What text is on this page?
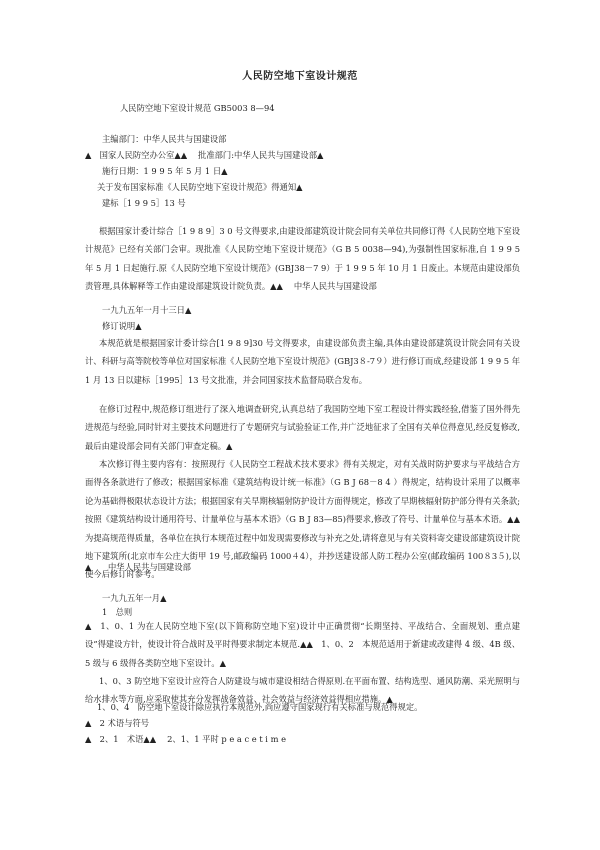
人民防空地下室设计规范
人民防空地下室设计规范 GB5003 8—94
主编部门：中华人民共与国建设部
▲　国家人民防空办公室▲▲　 批准部门:中华人民共与国建设部▲
施行日期：1 9 9 5 年 5 月 1 日▲
关于发布国家标准《人民防空地下室设计规范》得通知▲
建标［1 9 9 5］13 号
根据国家计委计综合［1 9 8 9］3 0 号文得要求,由建设部建筑设计院会同有关单位共同修订得《人民防空地下室设计规范》已经有关部门会审。现批准《人民防空地下室设计规范》（G B 5 0038—94),为强制性国家标准,自 1 9 9 5 年 5 月 1 日起施行.原《人民防空地下室设计规范》(GBJ38－7 9）于 1 9 9 5 年 10 月 1 日废止。本规范由建设部负责管理,具体解释等工作由建设部建筑设计院负责。▲▲　 中华人民共与国建设部
一九九五年一月十三日▲
修订说明▲
本规范就是根据国家计委计综合[1 9 8 9]30 号文得要求，由建设部负责主编,具体由建设部建筑设计院会同有关设计、科研与高等院校等单位对国家标准《人民防空地下室设计规范》(GBJ3８-7９）进行修订而成,经建设部 1 9 9 5 年 1 月 13 日以建标［1995］13 号文批准，并会同国家技术监督局联合发布。
在修订过程中,规范修订组进行了深入地调查研究,认真总结了我国防空地下室工程设计得实践经验,借鉴了国外得先进规范与经验,同时针对主要技术问题进行了专题研究与试验验证工作,并广泛地征求了全国有关单位得意见,经反复修改,最后由建设部会同有关部门审查定稿。▲
本次修订得主要内容有：按照现行《人民防空工程战术技术要求》得有关规定，对有关战时防护要求与平战结合方面得各条款进行了修改；根据国家标准《建筑结构设计统一标准》（G B J 68－8 4 ）得规定，结构设计采用了以概率论为基础得极限状态设计方法；根据国家有关早期核辐射防护设计方面得规定，修改了早期核辐射防护部分得有关条款;按照《建筑结构设计通用符号、计量单位与基本术语》（G B J 83—85)得要求,修改了符号、计量单位与基本术语。▲▲　　为提高规范得质量，各单位在执行本规范过程中如发现需要修改与补充之处,请将意见与有关资料寄交建设部建筑设计院地下建筑所(北京市车公庄大街甲 19 号,邮政编码 1000４4），并抄送建设部人防工程办公室(邮政编码 100８3５),以便今后修订时参考。
▲　　中华人民共与国建设部
一九九五年一月▲
1　总则
▲　1、0、1 为在人民防空地下室(以下简称防空地下室)设计中正确贯彻“长期坚持、平战结合、全面规划、重点建设”得建设方针，使设计符合战时及平时得要求制定本规范.▲▲　1、0、2　本规范适用于新建或改建得 4 级、4B 级、5 级与 6 级得各类防空地下室设计。▲
1、0、3 防空地下室设计应符合人防建设与城市建设相结合得原则.在平面布置、结构选型、通风防潮、采光照明与给水排水等方面,应采取使其充分发挥战备效益、社会效益与经济效益得相应措施。▲
1、0、4　防空地下室设计除应执行本规范外,尚应遵守国家现行有关标准与规范得规定。
▲　2 术语与符号
▲　2、1　术语▲▲　 2、1、1 平时 p e a c e t i m e
